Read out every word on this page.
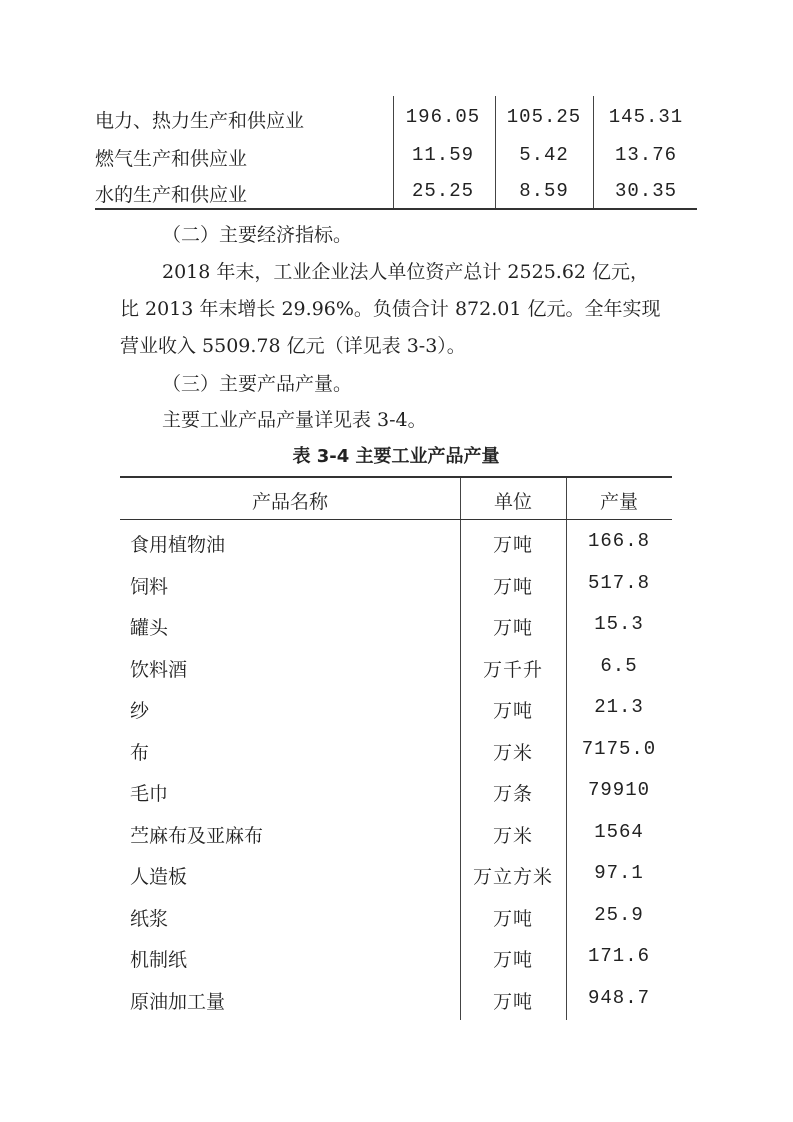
电力、热力生产和供应业	196.05	105.25	145.31
燃气生产和供应业	11.59	5.42	13.76
水的生产和供应业	25.25	8.59	30.35
（二）主要经济指标。
2018 年末，工业企业法人单位资产总计 2525.62 亿元，
比 2013 年末增长 29.96%。负债合计 872.01 亿元。全年实现
营业收入 5509.78 亿元（详见表 3-3）。
（三）主要产品产量。
主要工业产品产量详见表 3-4。
表 3-4 主要工业产品产量
产品名称	单位	产量
食用植物油	万吨	166.8
饲料	万吨	517.8
罐头	万吨	15.3
饮料酒	万千升	6.5
纱	万吨	21.3
布	万米	7175.0
毛巾	万条	79910
苎麻布及亚麻布	万米	1564
人造板	万立方米	97.1
纸浆	万吨	25.9
机制纸	万吨	171.6
原油加工量	万吨	948.7
